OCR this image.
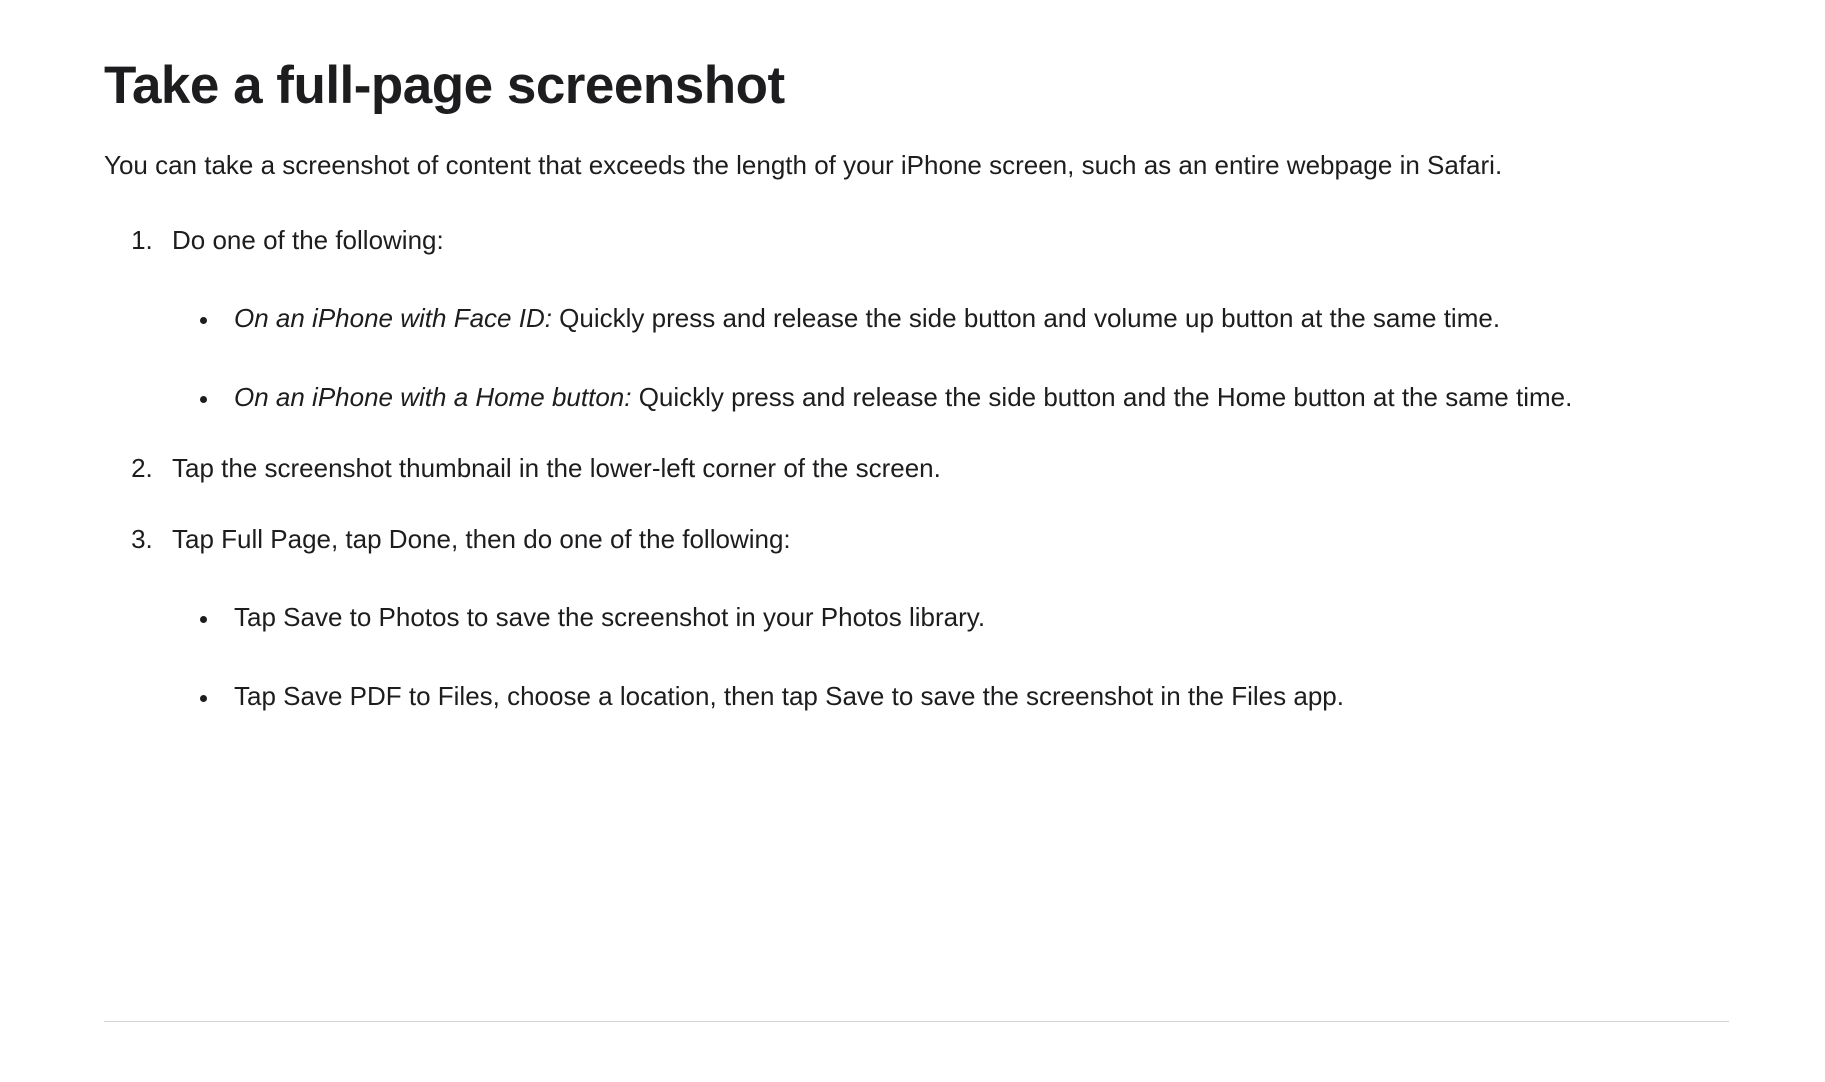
Take a full-page screenshot

You can take a screenshot of content that exceeds the length of your iPhone screen, such as an entire webpage in Safari.

1. Do one of the following:
• On an iPhone with Face ID: Quickly press and release the side button and volume up button at the same time.
• On an iPhone with a Home button: Quickly press and release the side button and the Home button at the same time.
2. Tap the screenshot thumbnail in the lower-left corner of the screen.
3. Tap Full Page, tap Done, then do one of the following:
• Tap Save to Photos to save the screenshot in your Photos library.
• Tap Save PDF to Files, choose a location, then tap Save to save the screenshot in the Files app.
